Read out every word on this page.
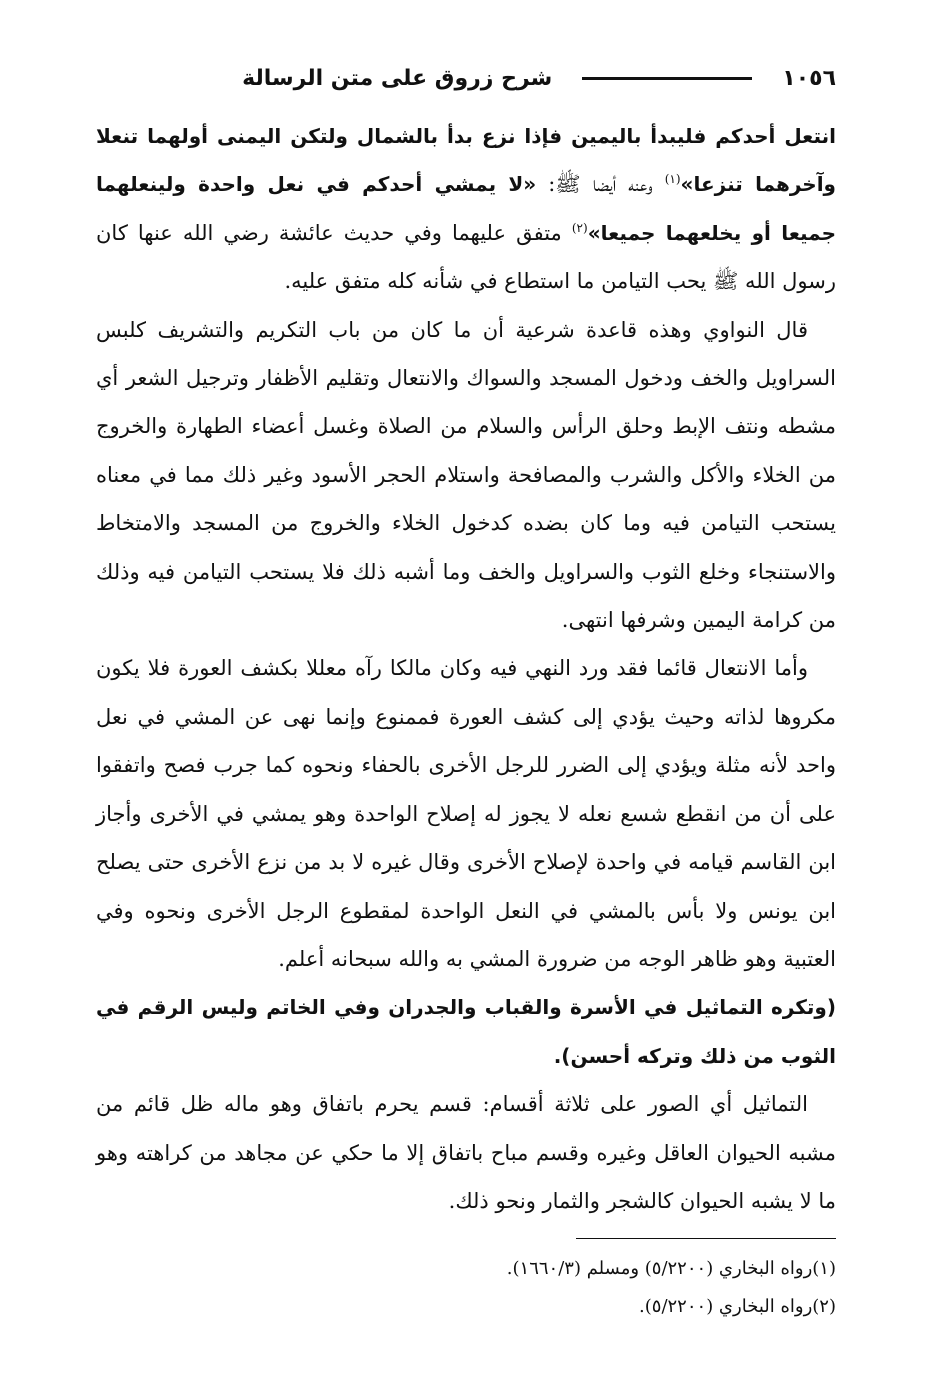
١٠٥٦
شرح زروق على متن الرسالة

انتعل أحدكم فليبدأ باليمين فإذا نزع بدأ بالشمال ولتكن اليمنى أولهما تنعلا وآخرهما تنزعا»$^{(١)}$ وعنه أيضا ﷺ: «لا يمشي أحدكم في نعل واحدة ولينعلهما جميعا أو يخلعهما جميعا»$^{(٢)}$ متفق عليهما وفي حديث عائشة رضي الله عنها كان رسول الله ﷺ يحب التيامن ما استطاع في شأنه كله متفق عليه.

قال النواوي وهذه قاعدة شرعية أن ما كان من باب التكريم والتشريف كلبس السراويل والخف ودخول المسجد والسواك والانتعال وتقليم الأظفار وترجيل الشعر أي مشطه ونتف الإبط وحلق الرأس والسلام من الصلاة وغسل أعضاء الطهارة والخروج من الخلاء والأكل والشرب والمصافحة واستلام الحجر الأسود وغير ذلك مما في معناه يستحب التيامن فيه وما كان بضده كدخول الخلاء والخروج من المسجد والامتخاط والاستنجاء وخلع الثوب والسراويل والخف وما أشبه ذلك فلا يستحب التيامن فيه وذلك من كرامة اليمين وشرفها انتهى.

وأما الانتعال قائما فقد ورد النهي فيه وكان مالكا رآه معللا بكشف العورة فلا يكون مكروها لذاته وحيث يؤدي إلى كشف العورة فممنوع وإنما نهى عن المشي في نعل واحد لأنه مثلة ويؤدي إلى الضرر للرجل الأخرى بالحفاء ونحوه كما جرب فصح واتفقوا على أن من انقطع شسع نعله لا يجوز له إصلاح الواحدة وهو يمشي في الأخرى وأجاز ابن القاسم قيامه في واحدة لإصلاح الأخرى وقال غيره لا بد من نزع الأخرى حتى يصلح ابن يونس ولا بأس بالمشي في النعل الواحدة لمقطوع الرجل الأخرى ونحوه وفي العتبية وهو ظاهر الوجه من ضرورة المشي به والله سبحانه أعلم.

(وتكره التماثيل في الأسرة والقباب والجدران وفي الخاتم وليس الرقم في الثوب من ذلك وتركه أحسن).

التماثيل أي الصور على ثلاثة أقسام: قسم يحرم باتفاق وهو ماله ظل قائم من مشبه الحيوان العاقل وغيره وقسم مباح باتفاق إلا ما حكي عن مجاهد من كراهته وهو ما لا يشبه الحيوان كالشجر والثمار ونحو ذلك.

(١)رواه البخاري (٥/٢٢٠٠) ومسلم (١٦٦٠/٣).

(٢)رواه البخاري (٥/٢٢٠٠).
